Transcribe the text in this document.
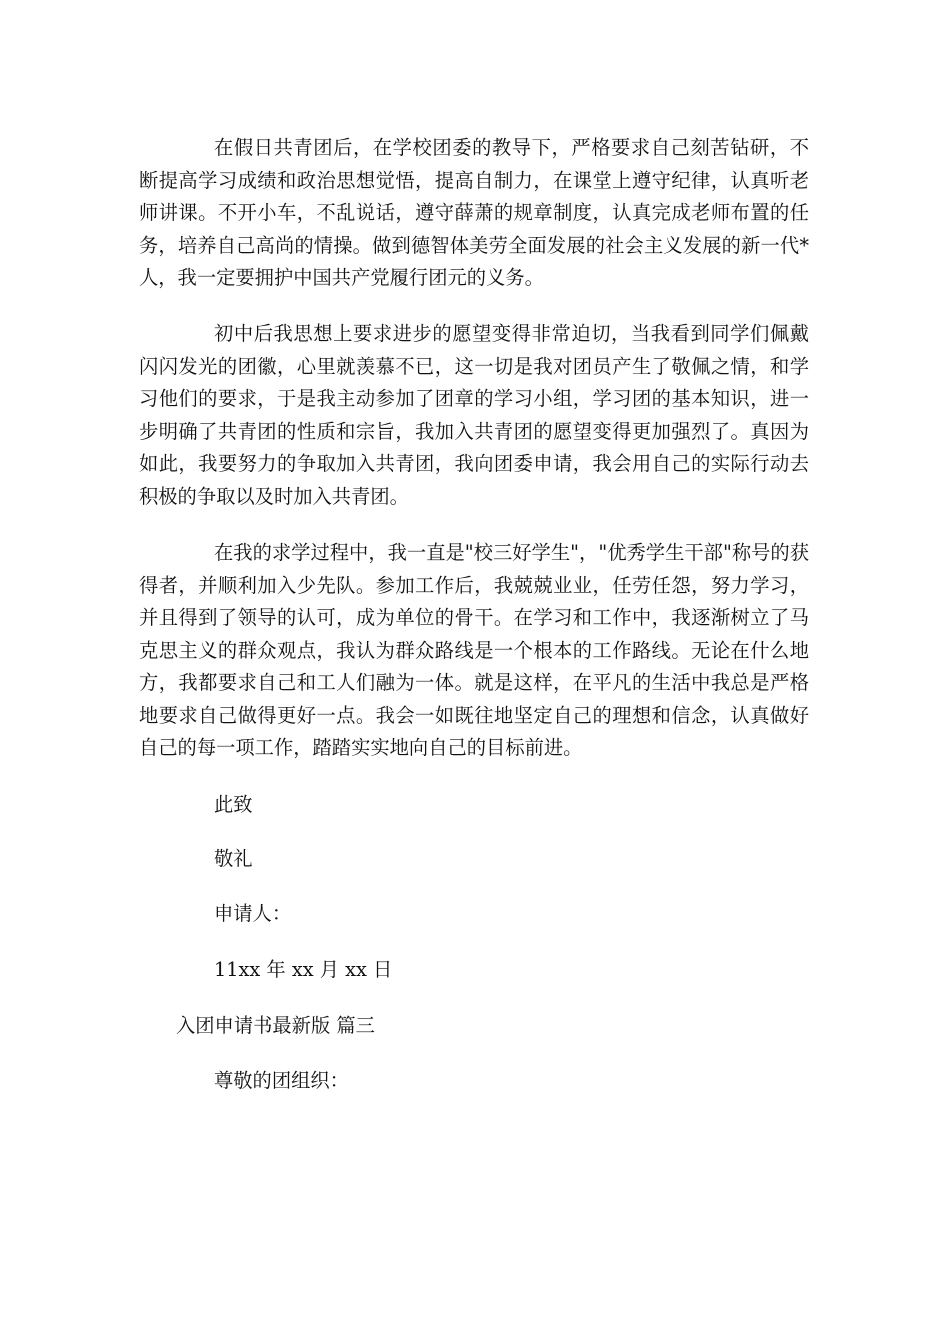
在假日共青团后，在学校团委的教导下，严格要求自己刻苦钻研，不断提高学习成绩和政治思想觉悟，提高自制力，在课堂上遵守纪律，认真听老师讲课。不开小车，不乱说话，遵守薛萧的规章制度，认真完成老师布置的任务，培养自己高尚的情操。做到德智体美劳全面发展的社会主义发展的新一代*人，我一定要拥护中国共产党履行团元的义务。

初中后我思想上要求进步的愿望变得非常迫切，当我看到同学们佩戴闪闪发光的团徽，心里就羡慕不已，这一切是我对团员产生了敬佩之情，和学习他们的要求，于是我主动参加了团章的学习小组，学习团的基本知识，进一步明确了共青团的性质和宗旨，我加入共青团的愿望变得更加强烈了。真因为如此，我要努力的争取加入共青团，我向团委申请，我会用自己的实际行动去积极的争取以及时加入共青团。

在我的求学过程中，我一直是"校三好学生"，"优秀学生干部"称号的获得者，并顺利加入少先队。参加工作后，我兢兢业业，任劳任怨，努力学习，并且得到了领导的认可，成为单位的骨干。在学习和工作中，我逐渐树立了马克思主义的群众观点，我认为群众路线是一个根本的工作路线。无论在什么地方，我都要求自己和工人们融为一体。就是这样，在平凡的生活中我总是严格地要求自己做得更好一点。我会一如既往地坚定自己的理想和信念，认真做好自己的每一项工作，踏踏实实地向自己的目标前进。

此致

敬礼

申请人：

11xx 年 xx 月 xx 日

入团申请书最新版 篇三

尊敬的团组织：
